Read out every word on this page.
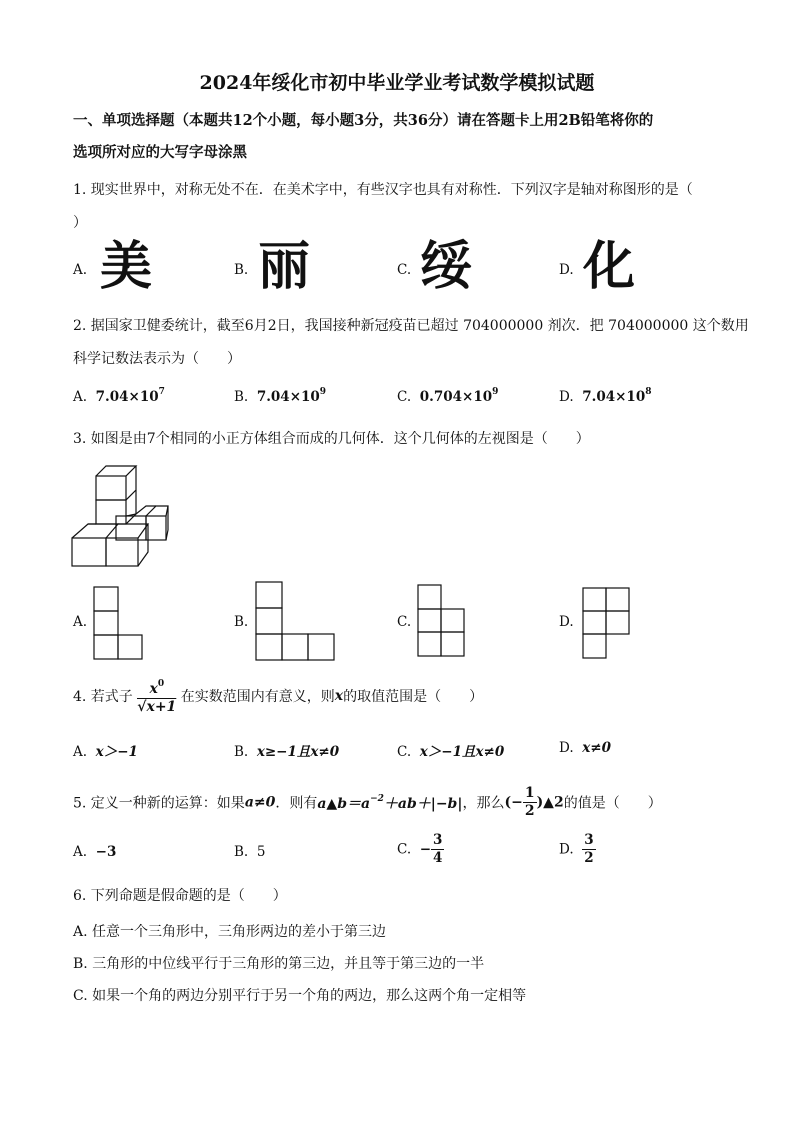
2024年绥化市初中毕业学业考试数学模拟试题
一、单项选择题（本题共12个小题，每小题3分，共36分）请在答题卡上用2B铅笔将你的
选项所对应的大写字母涂黑
1. 现实世界中，对称无处不在．在美术字中，有些汉字也具有对称性．下列汉字是轴对称图形的是（
）
A. 美	B. 丽	C. 绥	D. 化
2. 据国家卫健委统计，截至6月2日，我国接种新冠疫苗已超过 704000000 剂次．把 704000000 这个数用
科学记数法表示为（　　）
A. $7.04\times 10^7$	B. $7.04\times 10^9$	C. $0.704\times 10^9$	D. $7.04\times 10^8$
3. 如图是由7个相同的小正方体组合而成的几何体．这个几何体的左视图是（　　）
A.	B.	C.	D.
4. 若式子 $\frac{x^0}{√x+1}$ 在实数范围内有意义，则x的取值范围是（　　）
A. x＞−1	B. x≥−1且x≠0	C. x＞−1且x≠0	D. x≠0
5. 定义一种新的运算：如果a≠0．则有$a▲b=a^{-2}+ab+|-b|$，那么(− $\frac{1}{2}$ )▲2的值是（　　）
A. −3	B. 5	C. − $\frac{3}{4}$	D. $\frac{3}{2}$
6. 下列命题是假命题的是（　　）
A. 任意一个三角形中，三角形两边的差小于第三边
B. 三角形的中位线平行于三角形的第三边，并且等于第三边的一半
C. 如果一个角的两边分别平行于另一个角的两边，那么这两个角一定相等
